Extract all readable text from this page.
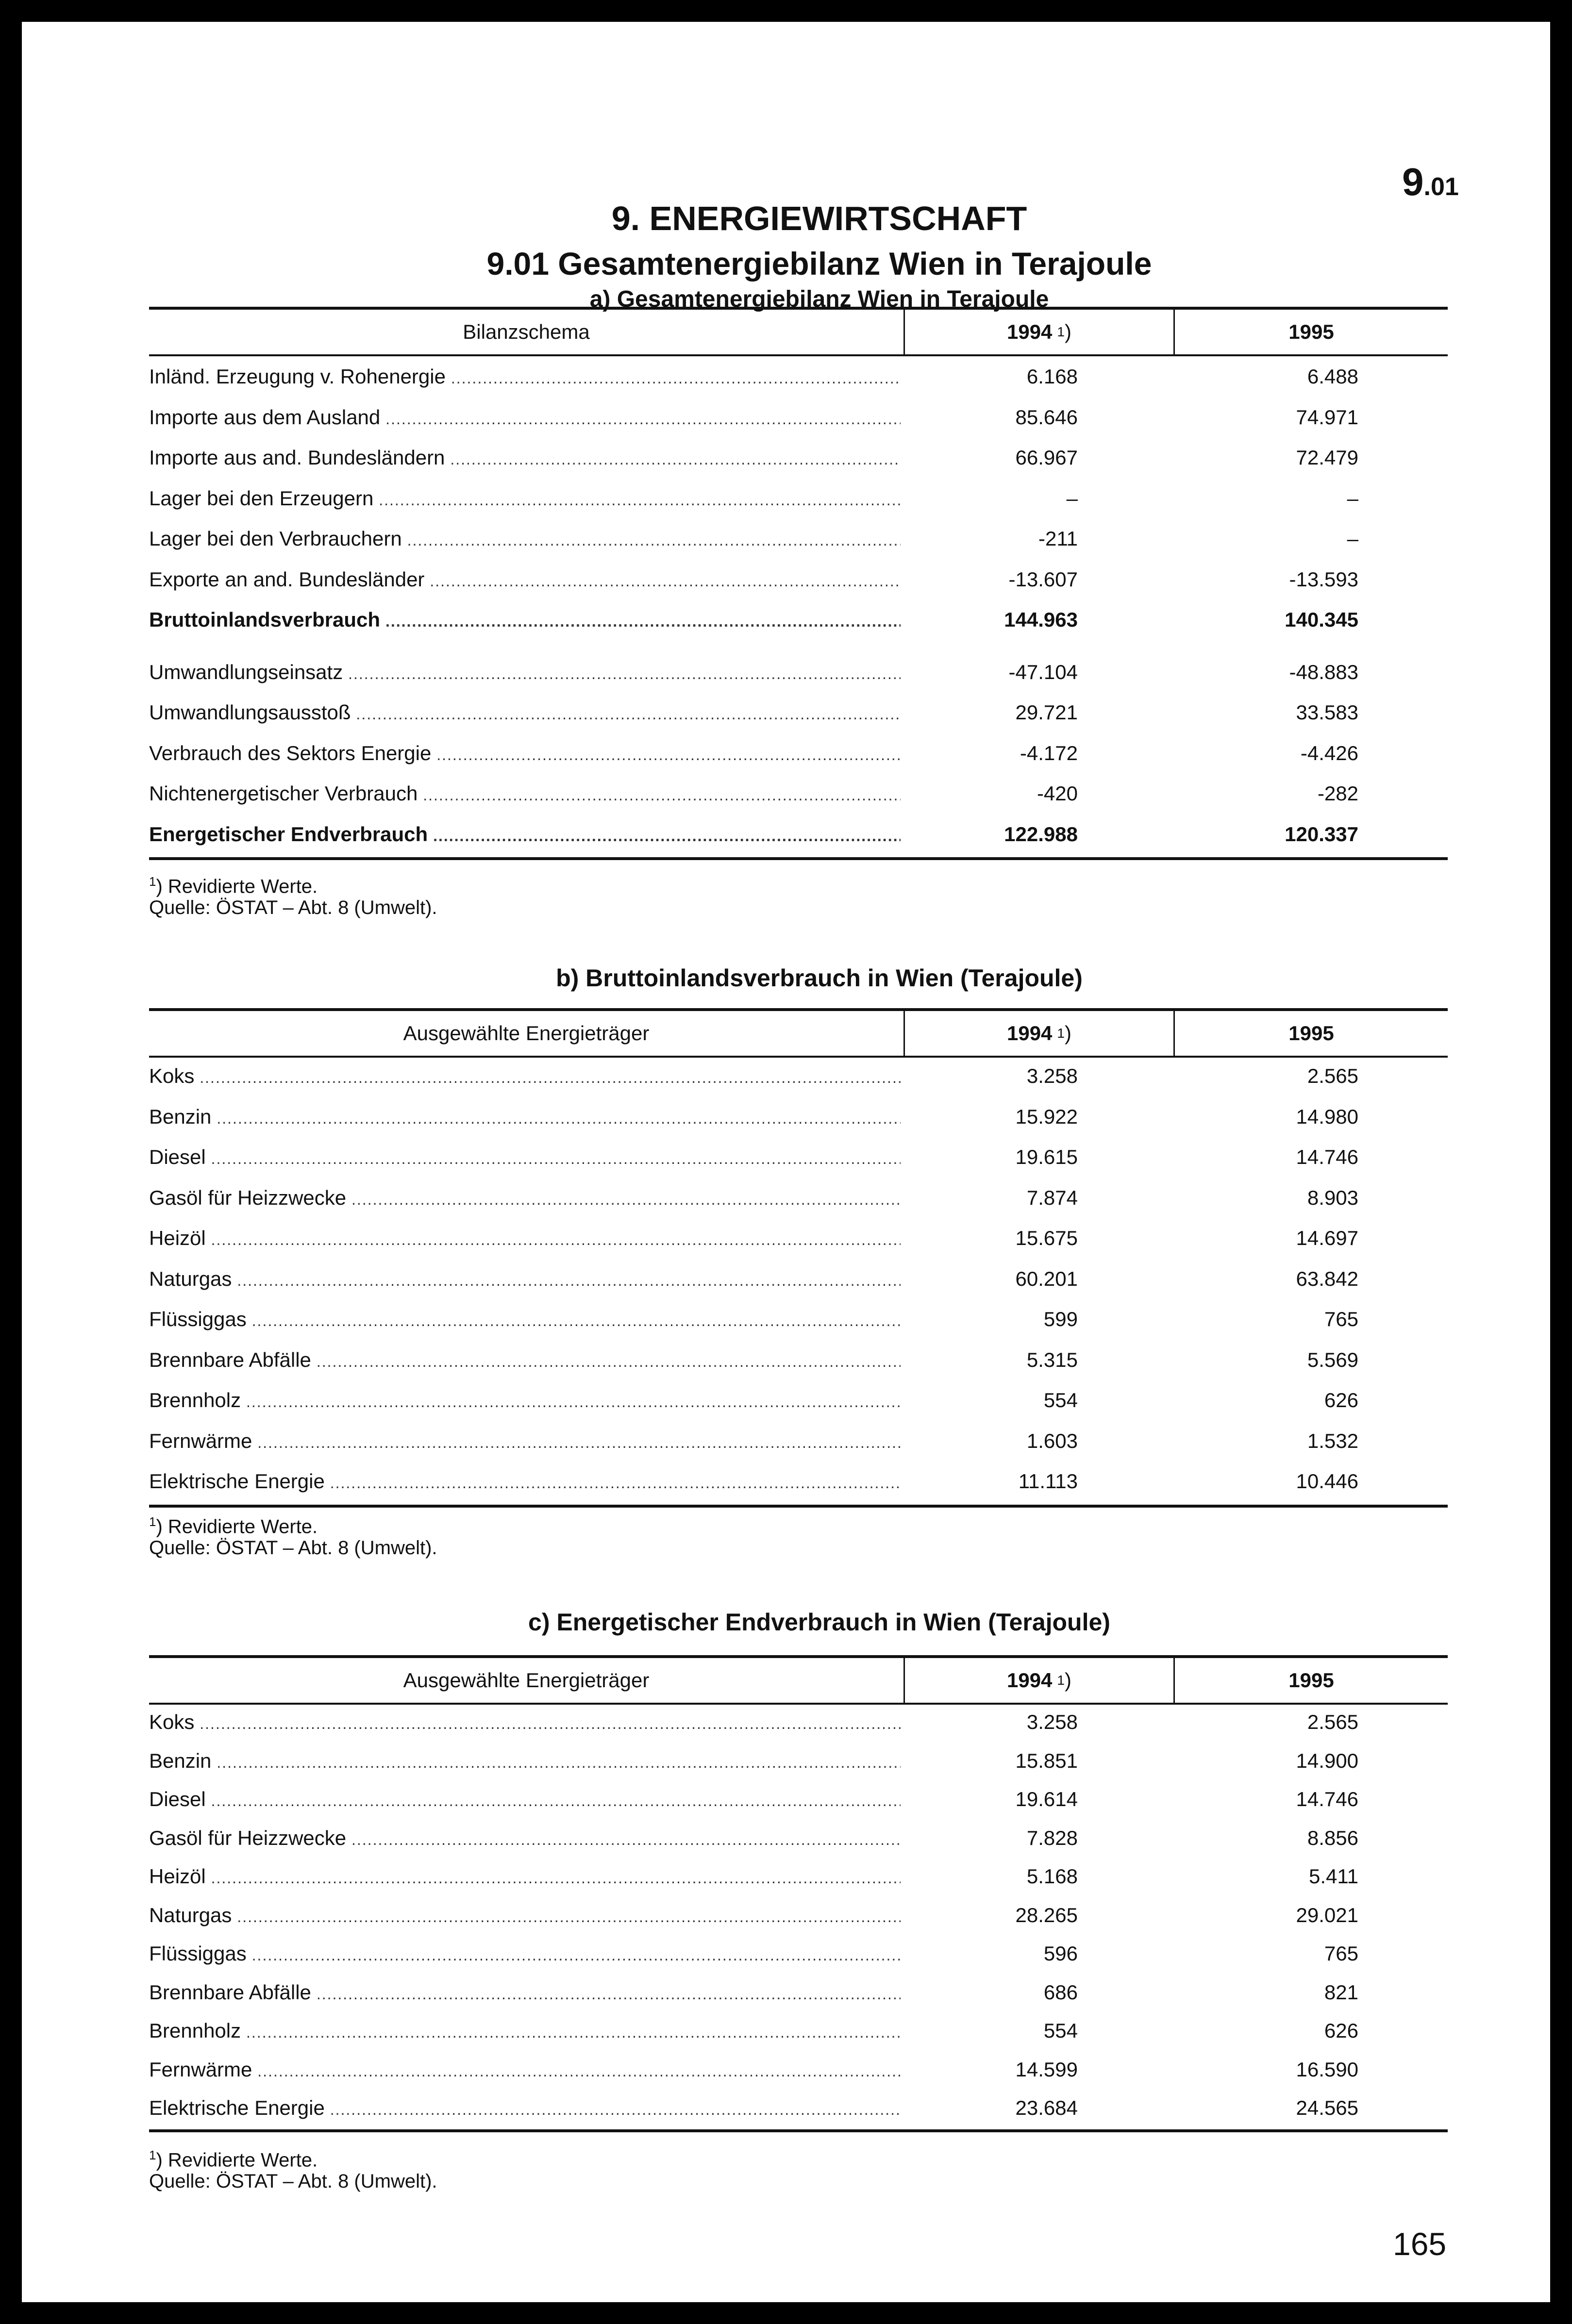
9.01
9. ENERGIEWIRTSCHAFT
9.01 Gesamtenergiebilanz Wien in Terajoule
a) Gesamtenergiebilanz Wien in Terajoule
Bilanzschema	1994 1 )	1995
Inländ. Erzeugung v. Rohenergie .....	6.168	6.488
Importe aus dem Ausland .....	85.646	74.971
Importe aus and. Bundesländern .....	66.967	72.479
Lager bei den Erzeugern .....	–	–
Lager bei den Verbrauchern .....	-211	–
Exporte an and. Bundesländer .....	-13.607	-13.593
Bruttoinlandsverbrauch .....	144.963	140.345
Umwandlungseinsatz .....	-47.104	-48.883
Umwandlungsausstoß .....	29.721	33.583
Verbrauch des Sektors Energie .....	-4.172	-4.426
Nichtenergetischer Verbrauch .....	-420	-282
Energetischer Endverbrauch .....	122.988	120.337
$^1$) Revidierte Werte.
Quelle: ÖSTAT – Abt. 8 (Umwelt).
b) Bruttoinlandsverbrauch in Wien (Terajoule)
Ausgewählte Energieträger	1994 1 )	1995
Koks .....	3.258	2.565
Benzin .....	15.922	14.980
Diesel .....	19.615	14.746
Gasöl für Heizzwecke .....	7.874	8.903
Heizöl .....	15.675	14.697
Naturgas .....	60.201	63.842
Flüssiggas .....	599	765
Brennbare Abfälle .....	5.315	5.569
Brennholz .....	554	626
Fernwärme .....	1.603	1.532
Elektrische Energie .....	11.113	10.446
$^1$) Revidierte Werte.
Quelle: ÖSTAT – Abt. 8 (Umwelt).
c) Energetischer Endverbrauch in Wien (Terajoule)
Ausgewählte Energieträger	1994 1 )	1995
Koks .....	3.258	2.565
Benzin .....	15.851	14.900
Diesel .....	19.614	14.746
Gasöl für Heizzwecke .....	7.828	8.856
Heizöl .....	5.168	5.411
Naturgas .....	28.265	29.021
Flüssiggas .....	596	765
Brennbare Abfälle .....	686	821
Brennholz .....	554	626
Fernwärme .....	14.599	16.590
Elektrische Energie .....	23.684	24.565
$^1$) Revidierte Werte.
Quelle: ÖSTAT – Abt. 8 (Umwelt).
165
